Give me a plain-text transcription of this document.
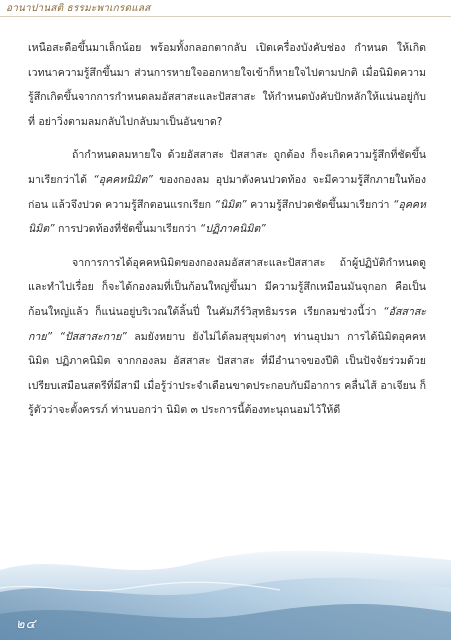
อานาปานสติ ธรรมะพาเกรดแลส

เหนือสะดือขึ้นมาเล็กน้อย พร้อมทั้งกลอกตากลับ เปิดเครื่องบังคับช่อง กำหนด ให้เกิดเวทนาความรู้สึกขึ้นมา ส่วนการหายใจออกหายใจเข้าก็หายใจไปตามปกติ เมื่อนิมิตความรู้สึกเกิดขึ้นจากการกำหนดลมอัสสาสะและปัสสาสะ ให้กำหนดบังคับปักหลักให้แน่นอยู่กับที่ อย่าวิ่งตามลมกลับไปกลับมาเป็นอันขาด?

ถ้ากำหนดลมหายใจ ด้วยอัสสาสะ ปัสสาสะ ถูกต้อง ก็จะเกิดความรู้สึกที่ชัดขึ้นมาเรียกว่าได้ “อุคคหนิมิต” ของกองลม อุปมาดังคนปวดท้อง จะมีความรู้สึกภายในท้องก่อน แล้วจึงปวด ความรู้สึกตอนแรกเรียก “นิมิต” ความรู้สึกปวดชัดขึ้นมาเรียกว่า “อุคคหนิมิต” การปวดท้องที่ชัดขึ้นมาเรียกว่า “ปฏิภาคนิมิต”

จาการการได้อุคคหนิมิตของกองลมอัสสาสะและปัสสาสะ ถ้าผู้ปฏิบัติกำหนดดูและทำไปเรื่อย ก็จะได้กองลมที่เป็นก้อนใหญ่ขึ้นมา มีความรู้สึกเหมือนมันจุกอก คือเป็นก้อนใหญ่แล้ว ก็แน่นอยู่บริเวณใต้ลิ้นปี่ ในคัมภีร์วิสุทธิมรรค เรียกลมช่วงนี้ว่า “อัสสาสะกาย” “ปัสสาสะกาย” ลมยังหยาบ ยังไม่ได้ลมสุขุมต่างๆ ท่านอุปมา การได้นิมิตอุคคหนิมิต ปฏิภาคนิมิต จากกองลม อัสสาสะ ปัสสาสะ ที่มีอำนาจของปีติ เป็นปัจจัยร่วมด้วยเปรียบเสมือนสตรีที่มีสามี เมื่อรู้ว่าประจำเดือนขาดประกอบกับมีอาการ คลื่นไส้ อาเจียน ก็รู้ตัวว่าจะตั้งครรภ์ ท่านบอกว่า นิมิต ๓ ประการนี้ต้องทะนุถนอมไว้ให้ดี

๒๔
